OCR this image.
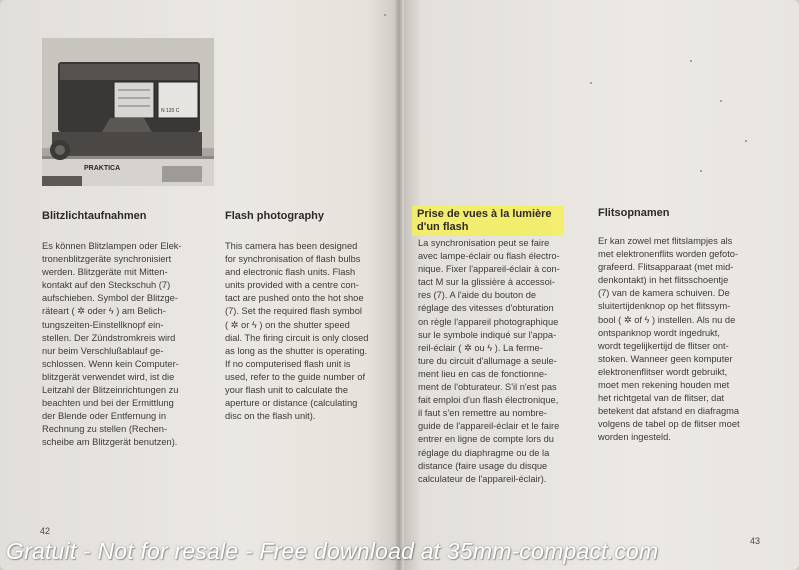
N 120 C
PRAKTICA
Blitzlichtaufnahmen
Es können Blitzlampen oder Elek-
tronenblitzgeräte synchronisiert
werden. Blitzgeräte mit Mitten-
kontakt auf den Steckschuh (7)
aufschieben. Symbol der Blitzge-
räteart ( ✲ oder ϟ ) am Belich-
tungszeiten-Einstellknopf ein-
stellen. Der Zündstromkreis wird
nur beim Verschlußablauf ge-
schlossen. Wenn kein Computer-
blitzgerät verwendet wird, ist die
Leitzahl der Blitzeinrichtungen zu
beachten und bei der Ermittlung
der Blende oder Entfernung in
Rechnung zu stellen (Rechen-
scheibe am Blitzgerät benutzen).
Flash photography
This camera has been designed
for synchronisation of flash bulbs
and electronic flash units. Flash
units provided with a centre con-
tact are pushed onto the hot shoe
(7). Set the required flash symbol
( ✲ or ϟ ) on the shutter speed
dial. The firing circuit is only closed
as long as the shutter is operating.
If no computerised flash unit is
used, refer to the guide number of
your flash unit to calculate the
aperture or distance (calculating
disc on the flash unit).
42
Prise de vues à la lumière
d'un flash
La synchronisation peut se faire
avec lampe-éclair ou flash électro-
nique. Fixer l'appareil-éclair à con-
tact M sur la glissière à accessoi-
res (7). A l'aide du bouton de
réglage des vitesses d'obturation
on règle l'appareil photographique
sur le symbole indiqué sur l'appa-
reil-éclair ( ✲ ou ϟ ). La ferme-
ture du circuit d'allumage a seule-
ment lieu en cas de fonctionne-
ment de l'obturateur. S'il n'est pas
fait emploi d'un flash électronique,
il faut s'en remettre au nombre-
guide de l'appareil-éclair et le faire
entrer en ligne de compte lors du
réglage du diaphragme ou de la
distance (faire usage du disque
calculateur de l'appareil-éclair).
Flitsopnamen
Er kan zowel met flitslampjes als
met elektronenflits worden gefoto-
grafeerd. Flitsapparaat (met mid-
denkontakt) in het flitsschoentje
(7) van de kamera schuiven. De
sluitertijdenknop op het flitssym-
bool ( ✲ of ϟ ) instellen. Als nu de
ontspanknop wordt ingedrukt,
wordt tegelijkertijd de flitser ont-
stoken. Wanneer geen komputer
elektronenflitser wordt gebruikt,
moet men rekening houden met
het richtgetal van de flitser, dat
betekent dat afstand en diafragma
volgens de tabel op de flitser moet
worden ingesteld.
43
Gratuit - Not for resale - Free download at 35mm-compact.com
